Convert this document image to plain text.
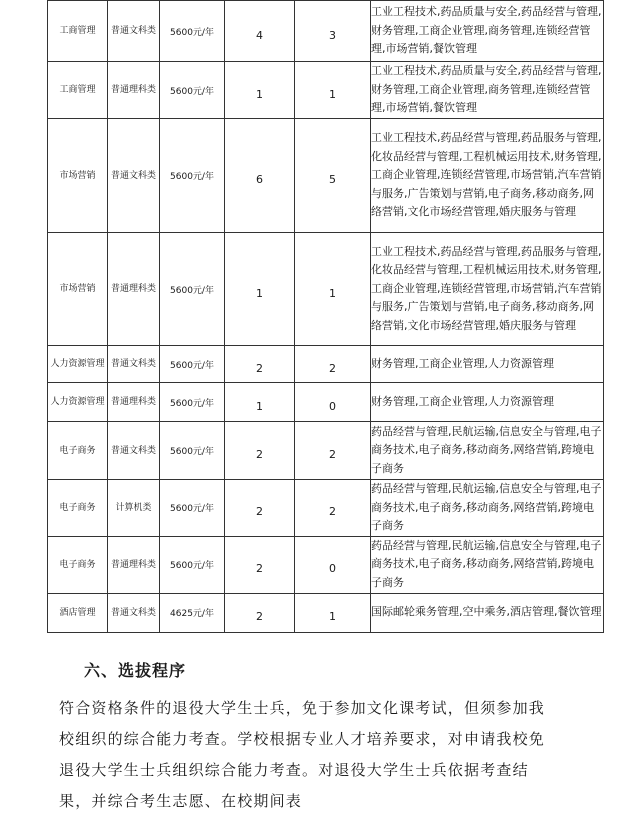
工商管理	普通文科类	5600元/年	4	3	工业工程技术,药品质量与安全,药品经营与管理,财务管理,工商企业管理,商务管理,连锁经营管理,市场营销,餐饮管理
工商管理	普通理科类	5600元/年	1	1	工业工程技术,药品质量与安全,药品经营与管理,财务管理,工商企业管理,商务管理,连锁经营管理,市场营销,餐饮管理
市场营销	普通文科类	5600元/年	6	5	工业工程技术,药品经营与管理,药品服务与管理,化妆品经营与管理,工程机械运用技术,财务管理,工商企业管理,连锁经营管理,市场营销,汽车营销与服务,广告策划与营销,电子商务,移动商务,网络营销,文化市场经营管理,婚庆服务与管理
市场营销	普通理科类	5600元/年	1	1	工业工程技术,药品经营与管理,药品服务与管理,化妆品经营与管理,工程机械运用技术,财务管理,工商企业管理,连锁经营管理,市场营销,汽车营销与服务,广告策划与营销,电子商务,移动商务,网络营销,文化市场经营管理,婚庆服务与管理
人力资源管理	普通文科类	5600元/年	2	2	财务管理,工商企业管理,人力资源管理
人力资源管理	普通理科类	5600元/年	1	0	财务管理,工商企业管理,人力资源管理
电子商务	普通文科类	5600元/年	2	2	药品经营与管理,民航运输,信息安全与管理,电子商务技术,电子商务,移动商务,网络营销,跨境电子商务
电子商务	计算机类	5600元/年	2	2	药品经营与管理,民航运输,信息安全与管理,电子商务技术,电子商务,移动商务,网络营销,跨境电子商务
电子商务	普通理科类	5600元/年	2	0	药品经营与管理,民航运输,信息安全与管理,电子商务技术,电子商务,移动商务,网络营销,跨境电子商务
酒店管理	普通文科类	4625元/年	2	1	国际邮轮乘务管理,空中乘务,酒店管理,餐饮管理
六、选拔程序

符合资格条件的退役大学生士兵，免于参加文化课考试，但须参加我校组织的综合能力考查。学校根据专业人才培养要求，对申请我校免退役大学生士兵组织综合能力考查。对退役大学生士兵依据考查结果，并综合考生志愿、在校期间表
